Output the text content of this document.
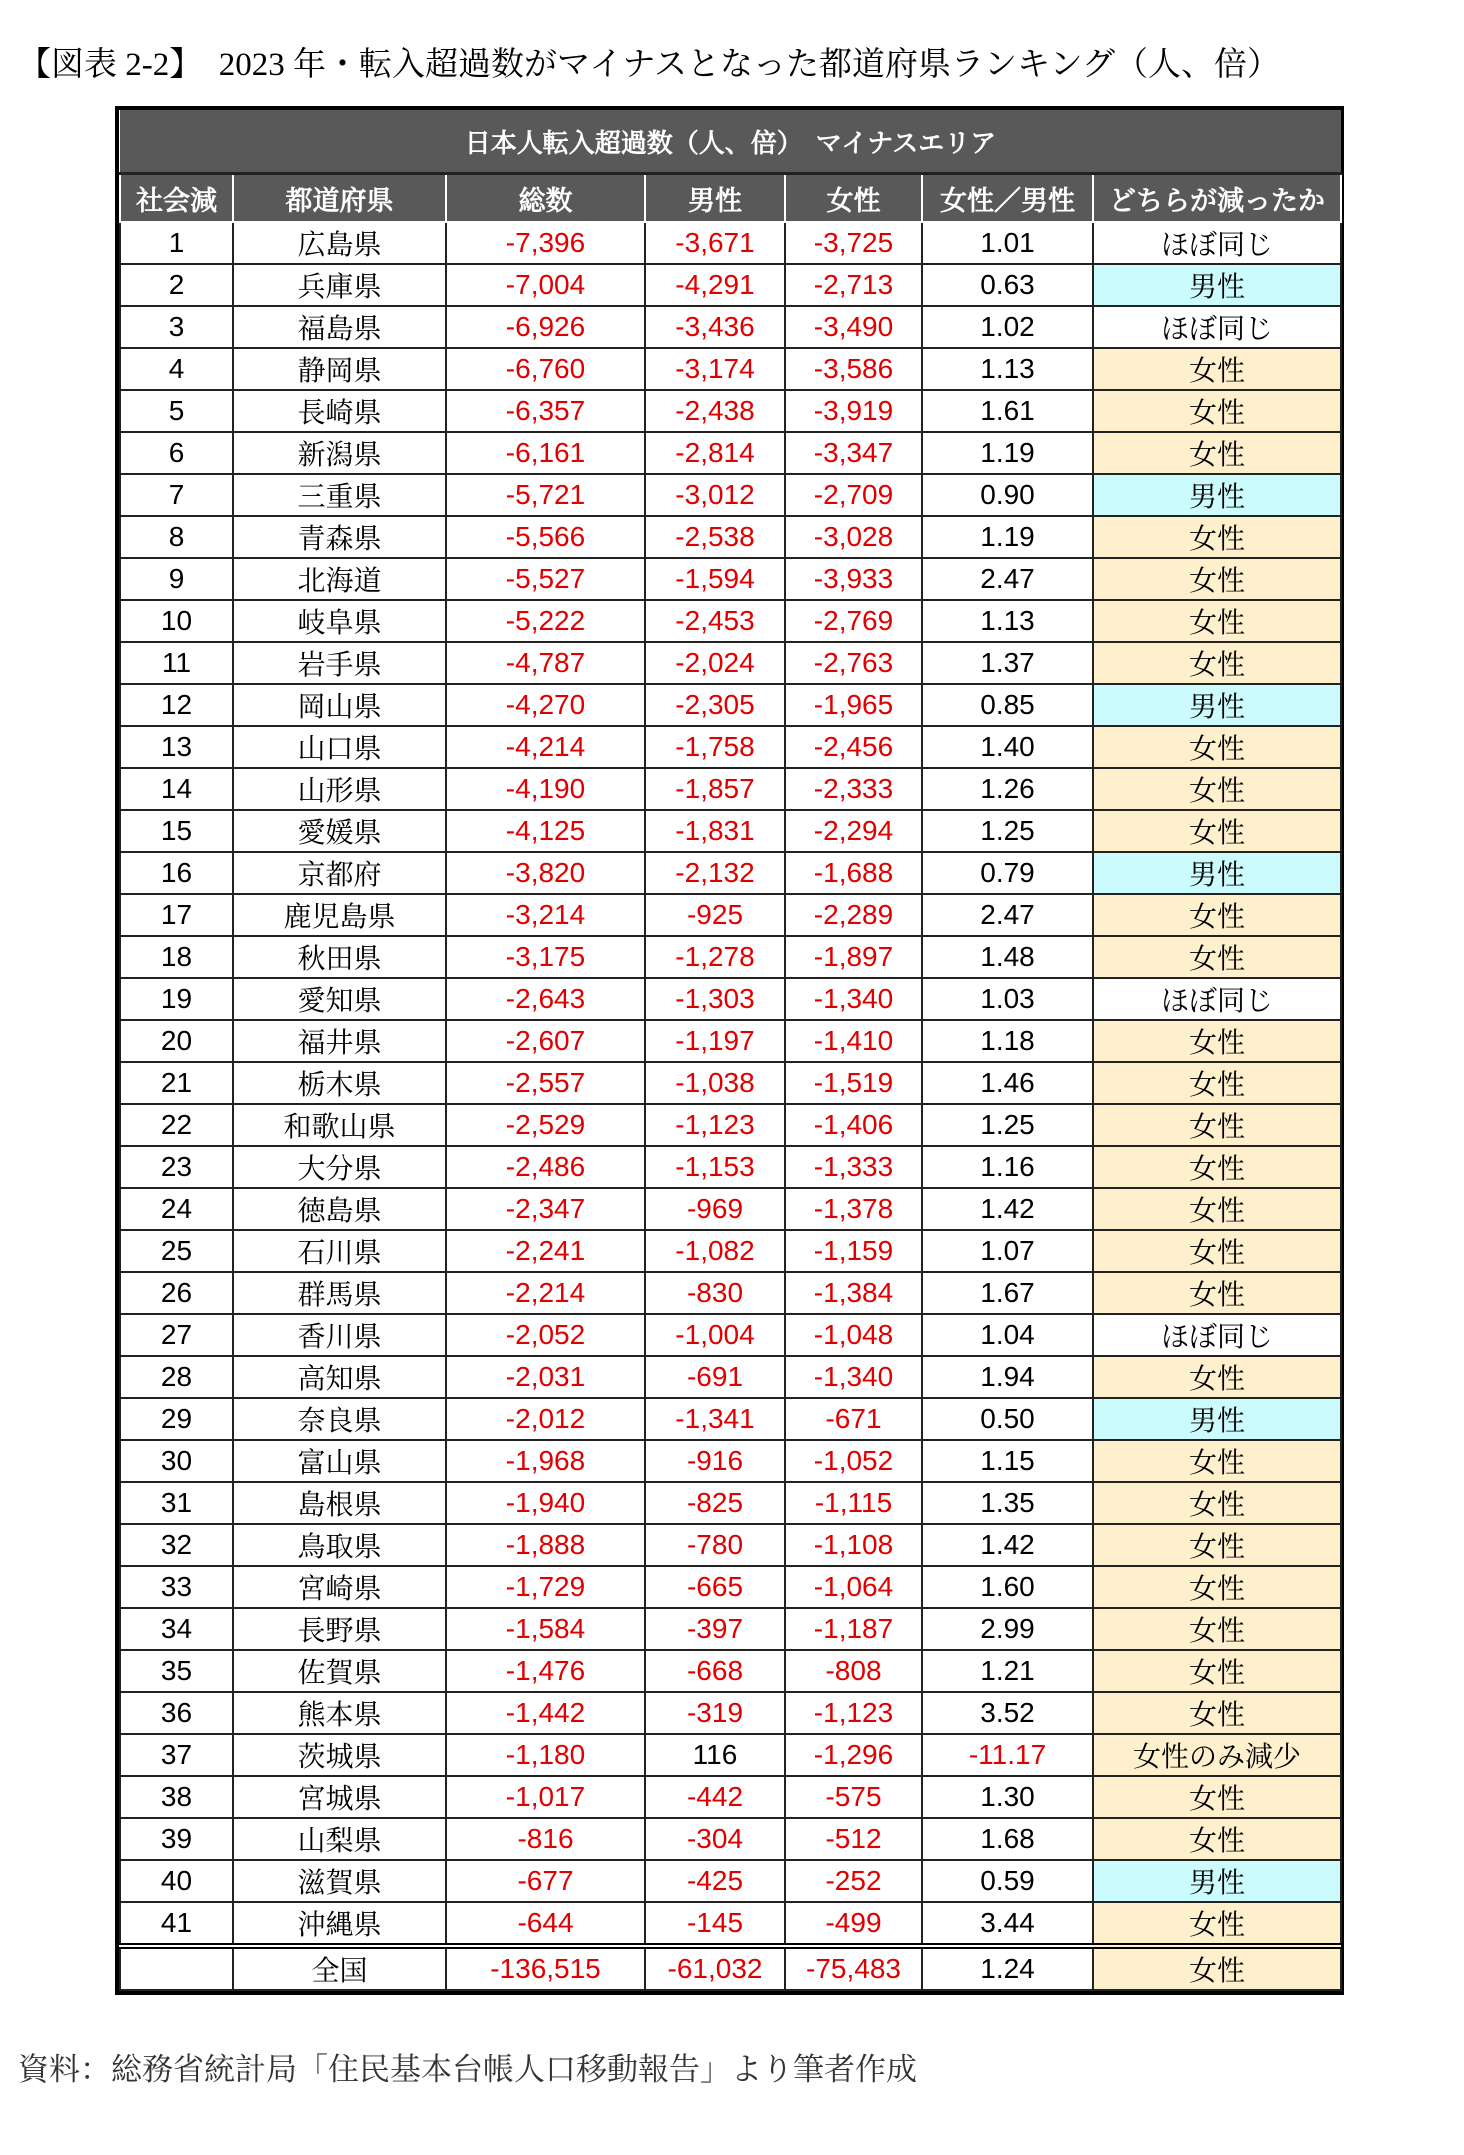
【図表 2-2】　2023 年・転入超過数がマイナスとなった都道府県ランキング（人、倍）
日本人転入超過数（人、倍）　マイナスエリア						
社会減	都道府県	総数	男性	女性	女性／男性	どちらが減ったか
1	広島県	-7,396	-3,671	-3,725	1.01	ほぼ同じ
2	兵庫県	-7,004	-4,291	-2,713	0.63	男性
3	福島県	-6,926	-3,436	-3,490	1.02	ほぼ同じ
4	静岡県	-6,760	-3,174	-3,586	1.13	女性
5	長崎県	-6,357	-2,438	-3,919	1.61	女性
6	新潟県	-6,161	-2,814	-3,347	1.19	女性
7	三重県	-5,721	-3,012	-2,709	0.90	男性
8	青森県	-5,566	-2,538	-3,028	1.19	女性
9	北海道	-5,527	-1,594	-3,933	2.47	女性
10	岐阜県	-5,222	-2,453	-2,769	1.13	女性
11	岩手県	-4,787	-2,024	-2,763	1.37	女性
12	岡山県	-4,270	-2,305	-1,965	0.85	男性
13	山口県	-4,214	-1,758	-2,456	1.40	女性
14	山形県	-4,190	-1,857	-2,333	1.26	女性
15	愛媛県	-4,125	-1,831	-2,294	1.25	女性
16	京都府	-3,820	-2,132	-1,688	0.79	男性
17	鹿児島県	-3,214	-925	-2,289	2.47	女性
18	秋田県	-3,175	-1,278	-1,897	1.48	女性
19	愛知県	-2,643	-1,303	-1,340	1.03	ほぼ同じ
20	福井県	-2,607	-1,197	-1,410	1.18	女性
21	栃木県	-2,557	-1,038	-1,519	1.46	女性
22	和歌山県	-2,529	-1,123	-1,406	1.25	女性
23	大分県	-2,486	-1,153	-1,333	1.16	女性
24	徳島県	-2,347	-969	-1,378	1.42	女性
25	石川県	-2,241	-1,082	-1,159	1.07	女性
26	群馬県	-2,214	-830	-1,384	1.67	女性
27	香川県	-2,052	-1,004	-1,048	1.04	ほぼ同じ
28	高知県	-2,031	-691	-1,340	1.94	女性
29	奈良県	-2,012	-1,341	-671	0.50	男性
30	富山県	-1,968	-916	-1,052	1.15	女性
31	島根県	-1,940	-825	-1,115	1.35	女性
32	鳥取県	-1,888	-780	-1,108	1.42	女性
33	宮崎県	-1,729	-665	-1,064	1.60	女性
34	長野県	-1,584	-397	-1,187	2.99	女性
35	佐賀県	-1,476	-668	-808	1.21	女性
36	熊本県	-1,442	-319	-1,123	3.52	女性
37	茨城県	-1,180	116	-1,296	-11.17	女性のみ減少
38	宮城県	-1,017	-442	-575	1.30	女性
39	山梨県	-816	-304	-512	1.68	女性
40	滋賀県	-677	-425	-252	0.59	男性
41	沖縄県	-644	-145	-499	3.44	女性
	全国	-136,515	-61,032	-75,483	1.24	女性
資料：総務省統計局「住民基本台帳人口移動報告」より筆者作成
